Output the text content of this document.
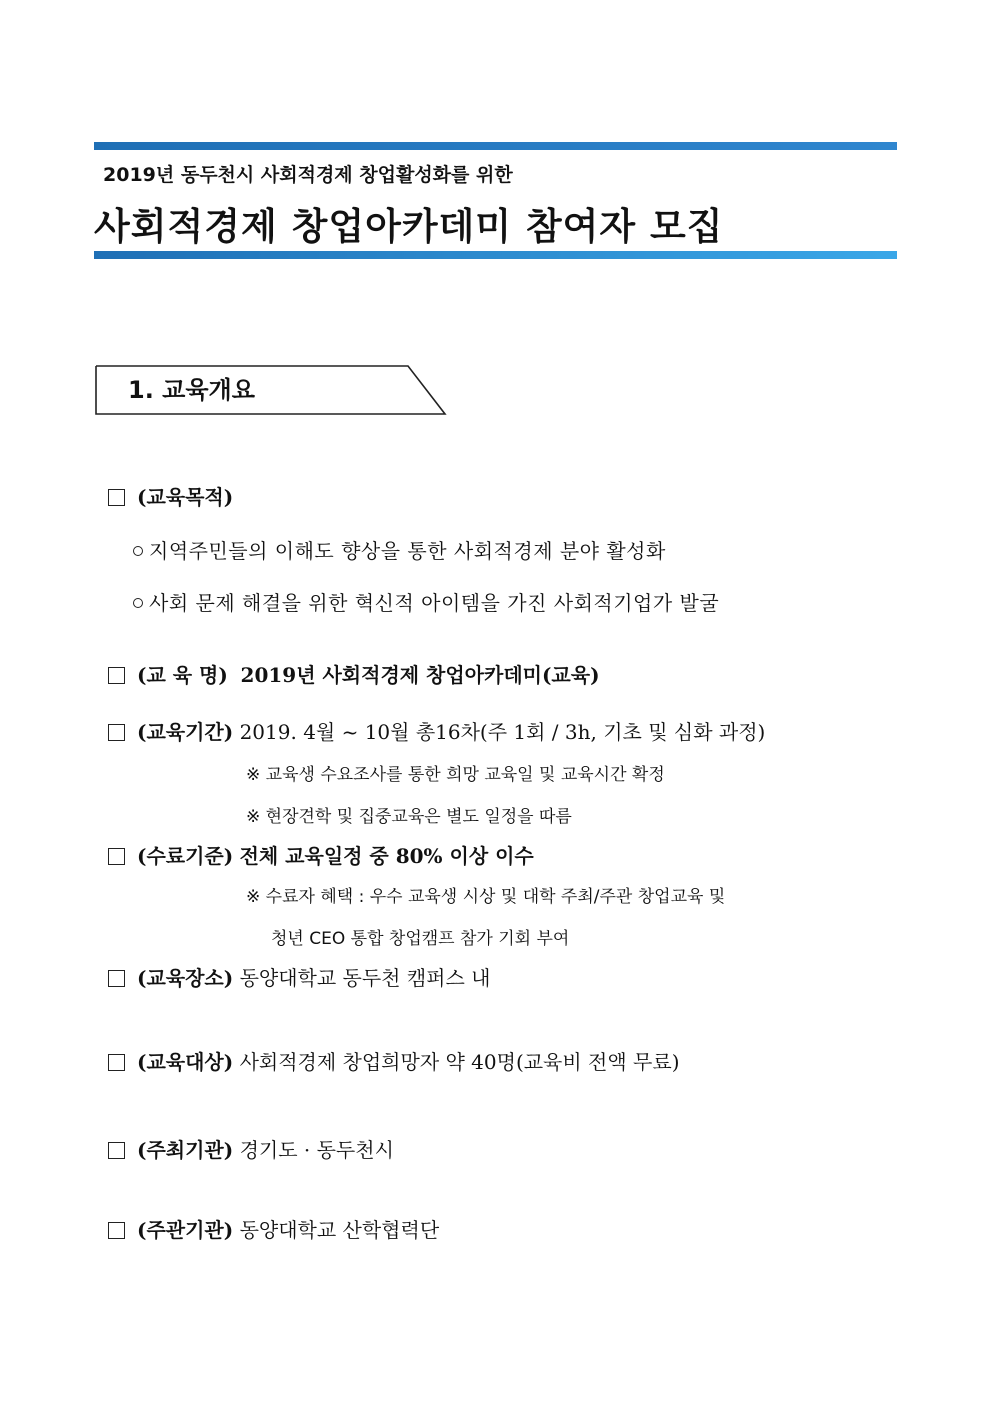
2019년 동두천시 사회적경제 창업활성화를 위한
사회적경제 창업아카데미 참여자 모집
1. 교육개요
(교육목적)
지역주민들의 이해도 향상을 통한 사회적경제 분야 활성화
사회 문제 해결을 위한 혁신적 아이템을 가진 사회적기업가 발굴
(교 육 명) 2019년 사회적경제 창업아카데미(교육)
(교육기간) 2019. 4월 ~ 10월 총16차(주 1회 / 3h, 기초 및 심화 과정)
※ 교육생 수요조사를 통한 희망 교육일 및 교육시간 확정
※ 현장견학 및 집중교육은 별도 일정을 따름
(수료기준) 전체 교육일정 중 80% 이상 이수
※ 수료자 혜택 : 우수 교육생 시상 및 대학 주최/주관 창업교육 및
청년 CEO 통합 창업캠프 참가 기회 부여
(교육장소) 동양대학교 동두천 캠퍼스 내
(교육대상) 사회적경제 창업희망자 약 40명(교육비 전액 무료)
(주최기관) 경기도 · 동두천시
(주관기관) 동양대학교 산학협력단
